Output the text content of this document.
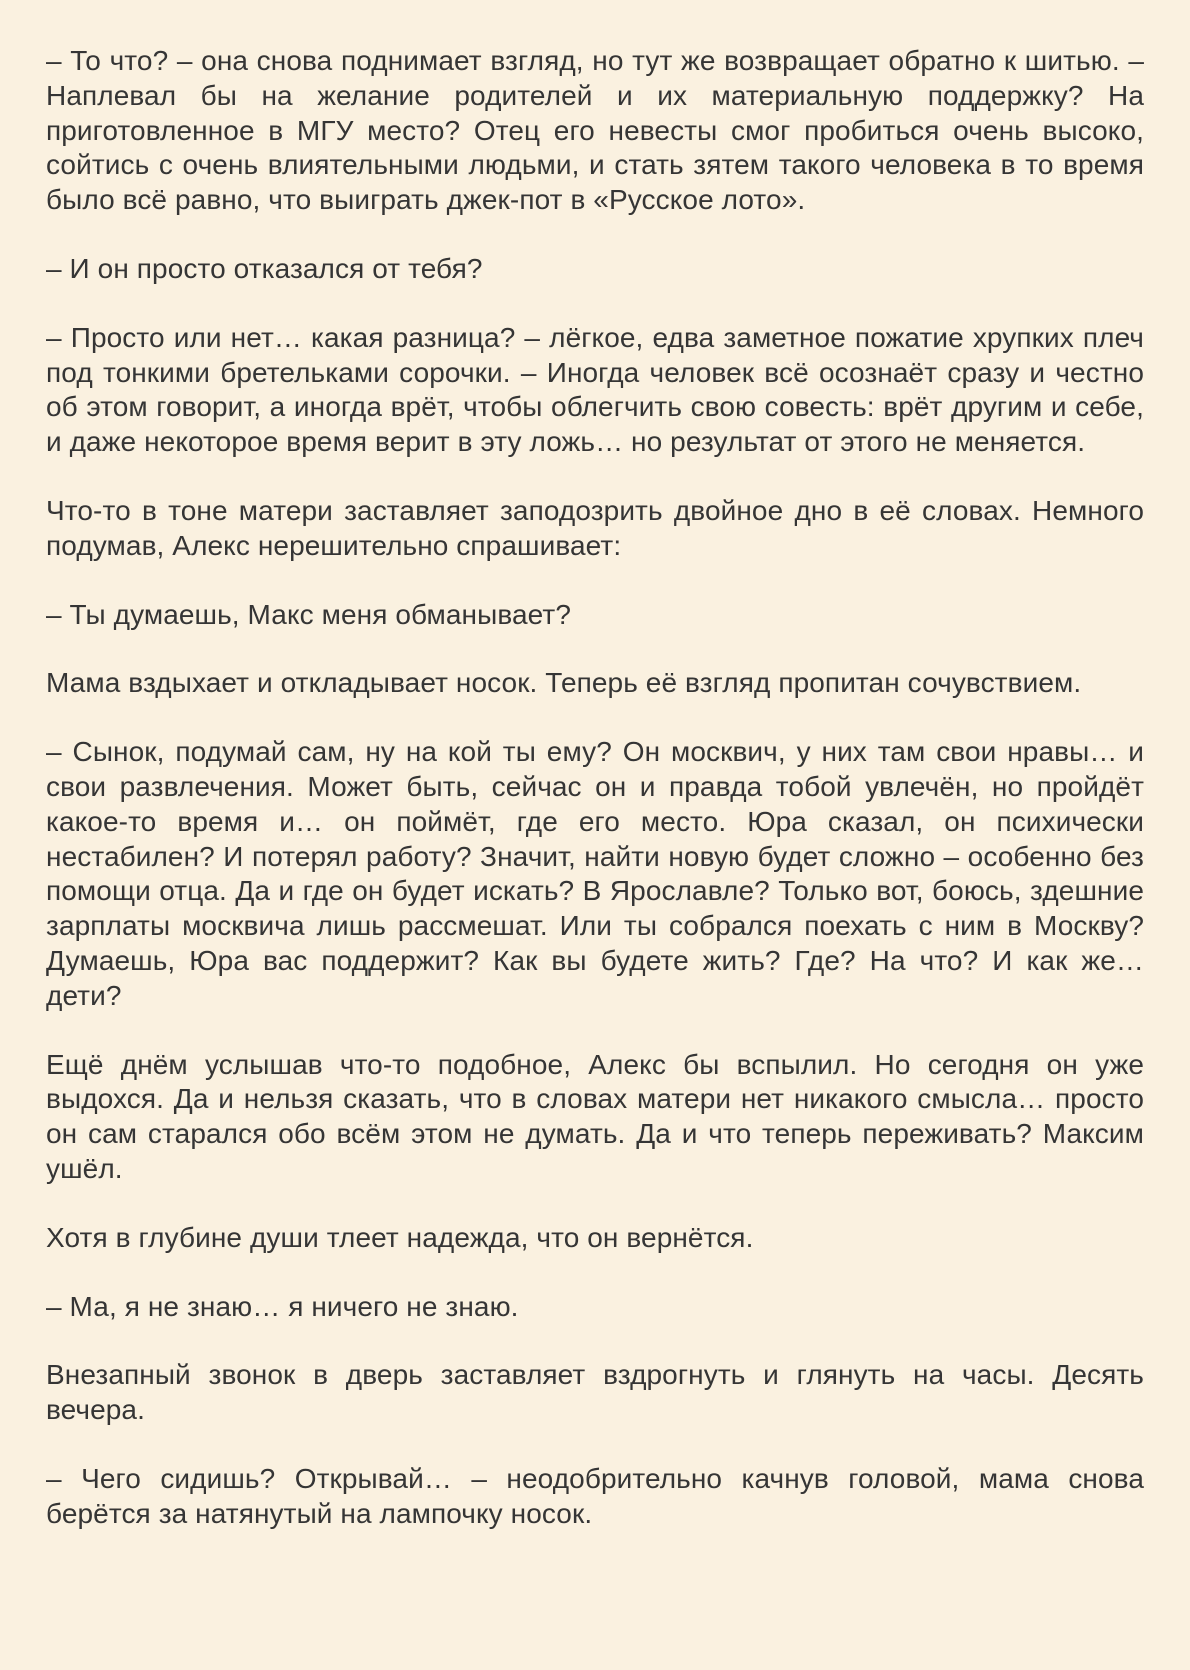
– То что? – она снова поднимает взгляд, но тут же возвращает обратно к шитью. – Наплевал бы на желание родителей и их материальную поддержку? На приготовленное в МГУ место? Отец его невесты смог пробиться очень высоко, сойтись с очень влиятельными людьми, и стать зятем такого человека в то время было всё равно, что выиграть джек-пот в «Русское лото».

– И он просто отказался от тебя?

– Просто или нет… какая разница? – лёгкое, едва заметное пожатие хрупких плеч под тонкими бретельками сорочки. – Иногда человек всё осознаёт сразу и честно об этом говорит, а иногда врёт, чтобы облегчить свою совесть: врёт другим и себе, и даже некоторое время верит в эту ложь… но результат от этого не меняется.

Что-то в тоне матери заставляет заподозрить двойное дно в её словах. Немного подумав, Алекс нерешительно спрашивает:

– Ты думаешь, Макс меня обманывает?

Мама вздыхает и откладывает носок. Теперь её взгляд пропитан сочувствием.

– Сынок, подумай сам, ну на кой ты ему? Он москвич, у них там свои нравы… и свои развлечения. Может быть, сейчас он и правда тобой увлечён, но пройдёт какое-то время и… он поймёт, где его место. Юра сказал, он психически нестабилен? И потерял работу? Значит, найти новую будет сложно – особенно без помощи отца. Да и где он будет искать? В Ярославле? Только вот, боюсь, здешние зарплаты москвича лишь рассмешат. Или ты собрался поехать с ним в Москву? Думаешь, Юра вас поддержит? Как вы будете жить? Где? На что? И как же… дети?

Ещё днём услышав что-то подобное, Алекс бы вспылил. Но сегодня он уже выдохся. Да и нельзя сказать, что в словах матери нет никакого смысла… просто он сам старался обо всём этом не думать. Да и что теперь переживать? Максим ушёл.

Хотя в глубине души тлеет надежда, что он вернётся.

– Ма, я не знаю… я ничего не знаю.

Внезапный звонок в дверь заставляет вздрогнуть и глянуть на часы. Десять вечера.

– Чего сидишь? Открывай… – неодобрительно качнув головой, мама снова берётся за натянутый на лампочку носок.
